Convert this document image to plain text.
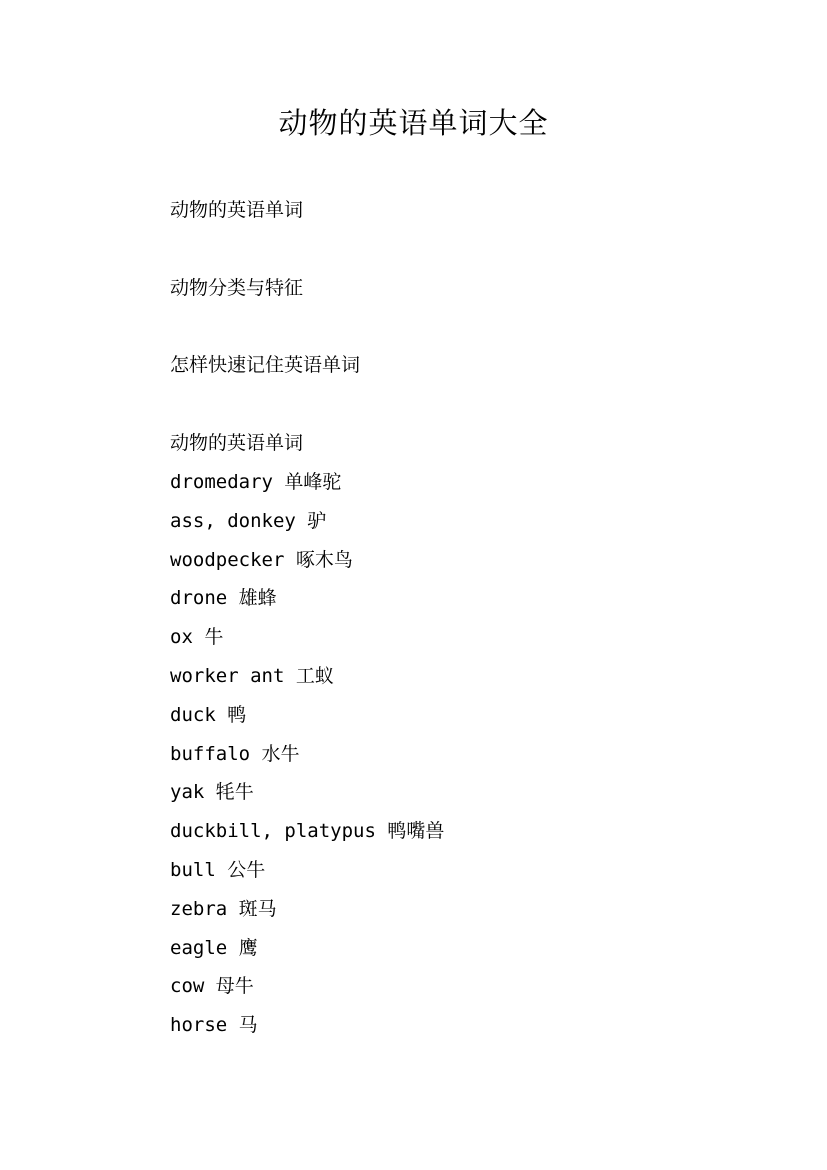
动物的英语单词大全
动物的英语单词
动物分类与特征
怎样快速记住英语单词
动物的英语单词
dromedary 单峰驼
ass, donkey 驴
woodpecker 啄木鸟
drone 雄蜂
ox 牛
worker ant 工蚁
duck 鸭
buffalo 水牛
yak 牦牛
duckbill, platypus 鸭嘴兽
bull 公牛
zebra 斑马
eagle 鹰
cow 母牛
horse 马
